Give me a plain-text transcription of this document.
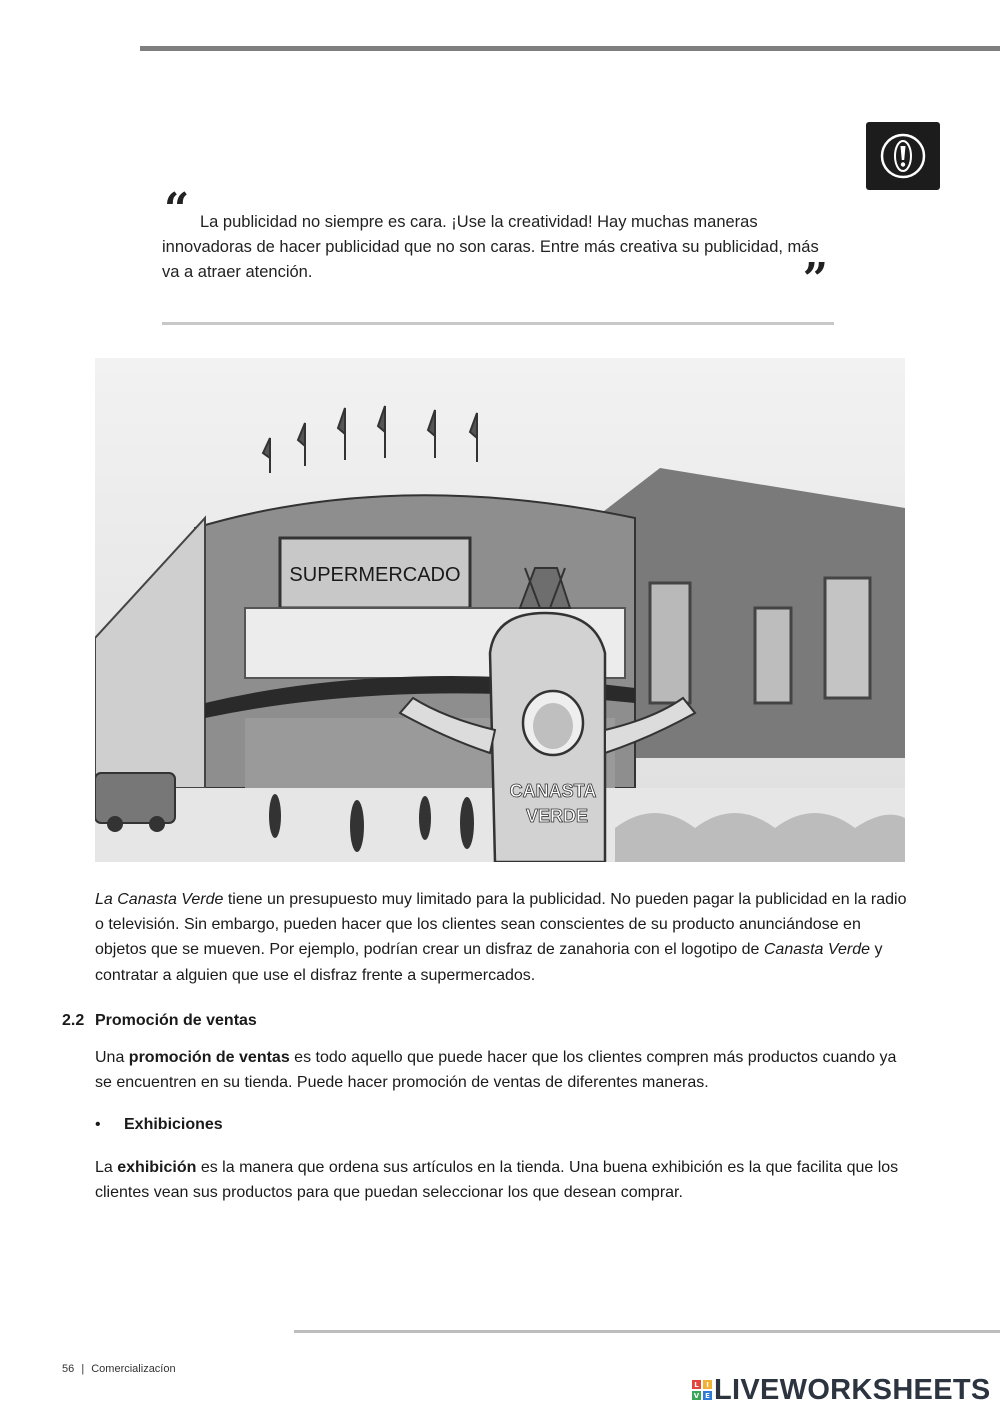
“ La publicidad no siempre es cara. ¡Use la creatividad! Hay muchas maneras innovadoras de hacer publicidad que no son caras. Entre más creativa su publicidad, más va a atraer atención.	”
SUPERMERCADO
CANASTA
VERDE

La Canasta Verde tiene un presupuesto muy limitado para la publicidad. No pueden pagar la publicidad en la radio o televisión. Sin embargo, pueden hacer que los clientes sean conscientes de su producto anunciándose en objetos que se mueven. Por ejemplo, podrían crear un disfraz de zanahoria con el logotipo de Canasta Verde y contratar a alguien que use el disfraz frente a supermercados.

2.2 Promoción de ventas

Una promoción de ventas es todo aquello que puede hacer que los clientes compren más productos cuando ya se encuentren en su tienda. Puede hacer promoción de ventas de diferentes maneras.

• Exhibiciones

La exhibición es la manera que ordena sus artículos en la tienda. Una buena exhibición es la que facilita que los clientes vean sus productos para que puedan seleccionar los que desean comprar.

56 | Comercializacíon
L	I
V E LIVEWORKSHEETS
